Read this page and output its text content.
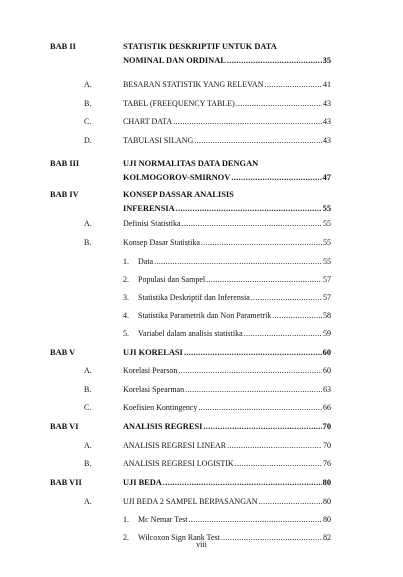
BAB II	STATISTIK DESKRIPTIF UNTUK DATA
NOMINAL DAN ORDINAL .....	35
A.	BESARAN STATISTIK YANG RELEVAN .....	41
B.	TABEL (FREEQUENCY TABLE) .....	43
C.	CHART DATA .....	43
D.	TABULASI SILANG .....	43
BAB III	UJI NORMALITAS DATA DENGAN
KOLMOGOROV-SMIRNOV .....	47
BAB IV	KONSEP DASSAR ANALISIS
INFERENSIA .....	55
A.	Definisi Statistika .....	55
B.	Konsep Dasar Statistika .....	55
1.	Data .....	55
2.	Populasi dan Sampel .....	57
3.	Statistika Deskriptif dan Inferensia .....	57
4.	Statistika Parametrik dan Non Parametrik .....	58
5.	Variabel dalam analisis statistika .....	59
BAB V	UJI KORELASI .....	60
A.	Korelasi Pearson .....	60
B.	Korelasi Spearman .....	63
C.	Koefisien Kontingency .....	66
BAB VI	ANALISIS REGRESI .....	70
A.	ANALISIS REGRESI LINEAR .....	70
B.	ANALISIS REGRESI LOGISTIK .....	76
BAB VII	UJI BEDA .....	80
A.	UJI BEDA 2 SAMPEL BERPASANGAN .....	80
1.	Mc Nemar Test .....	80
2.	Wilcoxon Sign Rank Test .....	82
viii
